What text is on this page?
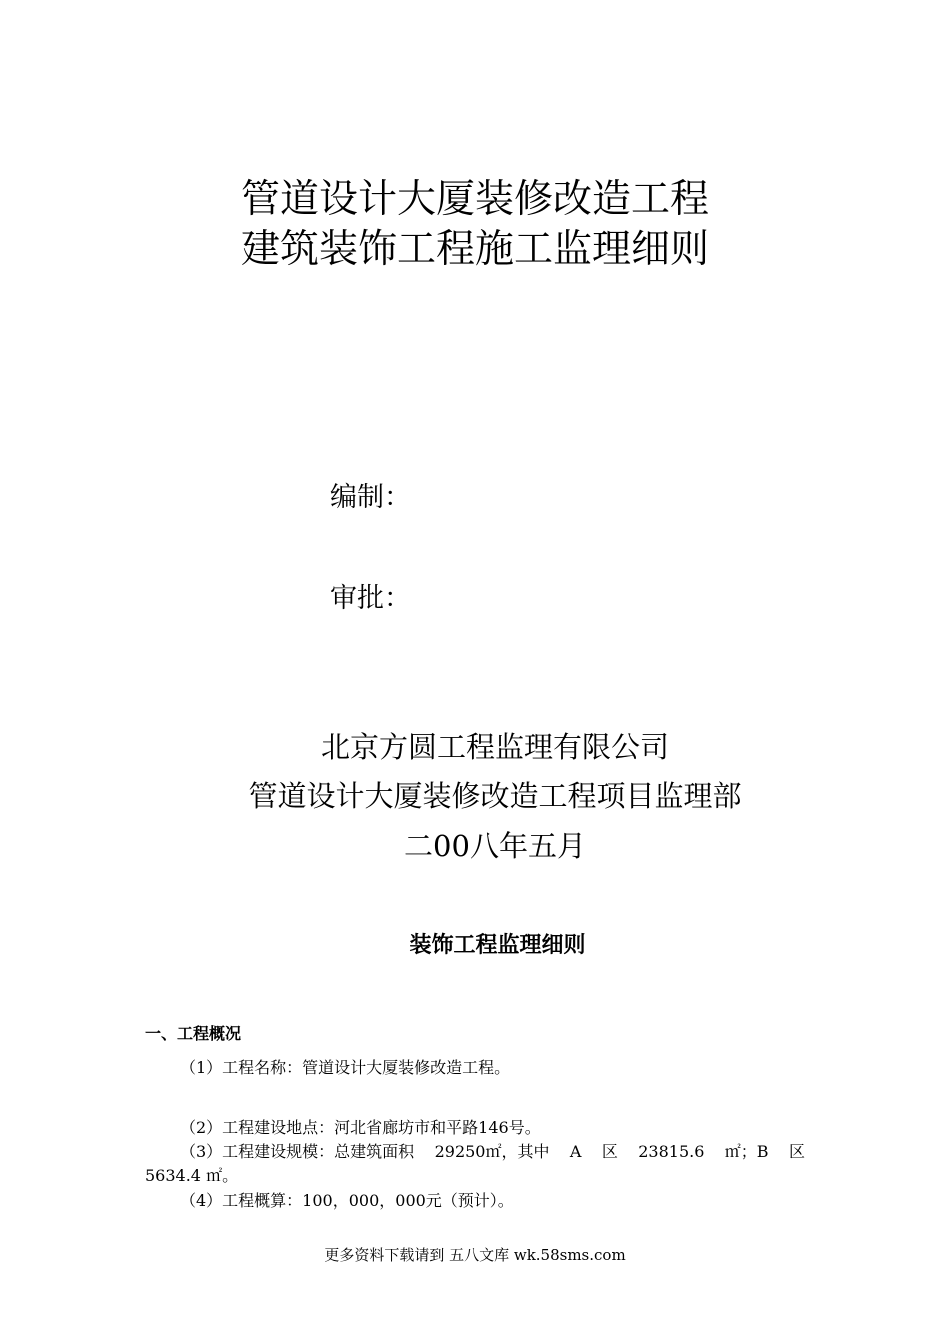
管道设计大厦装修改造工程
建筑装饰工程施工监理细则
编制：
审批：
北京方圆工程监理有限公司
管道设计大厦装修改造工程项目监理部
二00八年五月
装饰工程监理细则
一、工程概况
（1）工程名称：管道设计大厦装修改造工程。
（2）工程建设地点：河北省廊坊市和平路146号。
（3）工程建设规模：总建筑面积 29250㎡，其中 A 区 23815.6 ㎡；B 区
5634.4 ㎡。
（4）工程概算：100，000，000元（预计）。
更多资料下载请到 五八文库 wk.58sms.com
